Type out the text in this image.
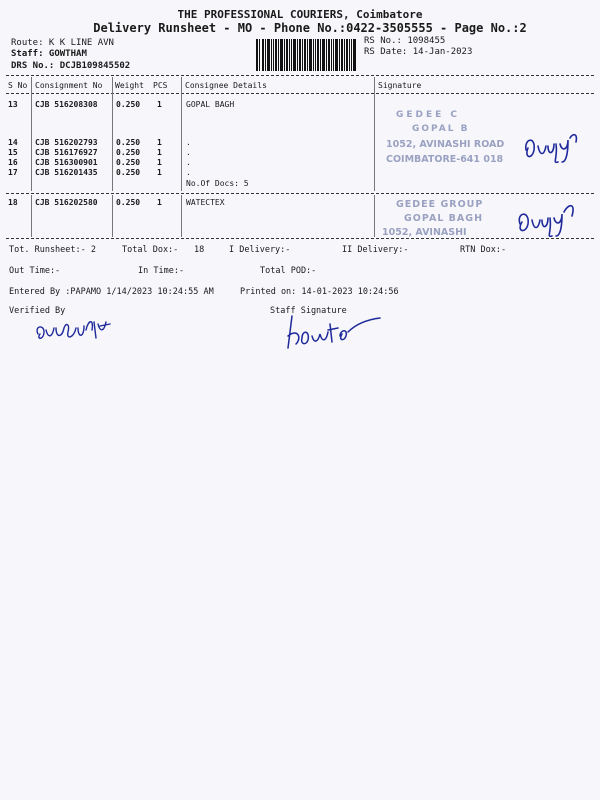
THE PROFESSIONAL COURIERS, Coimbatore
Delivery Runsheet - MO - Phone No.:0422-3505555 - Page No.:2
Route: K K LINE AVN
Staff: GOWTHAM
DRS No.: DCJB109845502
RS No.: 1098455
RS Date: 14-Jan-2023
S No Consignment No Weight PCS Consignee Details	Signature
13 CJB 516208308 0.250 1	GOPAL BAGH
14 CJB 516202793 0.250 1	.
15 CJB 516176927 0.250 1	.
16 CJB 516300901 0.250 1	.
17 CJB 516201435 0.250 1	.
No.Of Docs: 5
GEDEE C
GOPAL B
1052, AVINASHI ROAD
COIMBATORE-641 018
18 CJB 516202580 0.250 1	WATECTEX	GEDEE GROUP
GOPAL BAGH
1052, AVINASHI
Tot. Runsheet:- 2	Total Dox:- 18	I Delivery:-	II Delivery:-	RTN Dox:-
Out Time:-	In Time:-	Total POD:-
Entered By :PAPAMO 1/14/2023 10:24:55 AM	Printed on: 14-01-2023 10:24:56
Verified By	Staff Signature
